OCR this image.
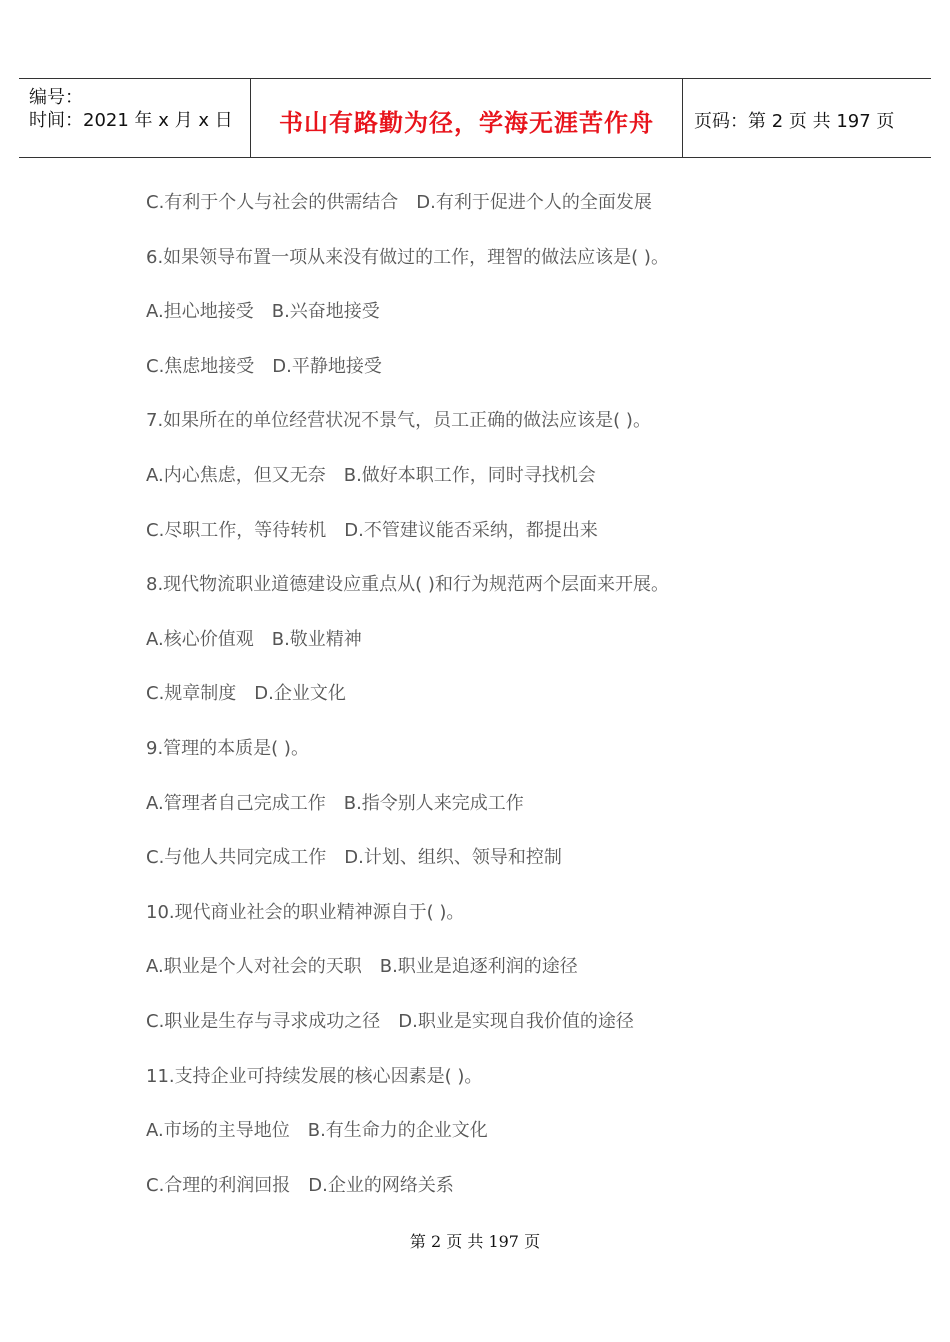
编号：
时间：2021 年 x 月 x 日	书山有路勤为径，学海无涯苦作舟	页码：第 2 页 共 197 页
C.有利于个人与社会的供需结合　D.有利于促进个人的全面发展
6.如果领导布置一项从来没有做过的工作，理智的做法应该是( )。
A.担心地接受　B.兴奋地接受
C.焦虑地接受　D.平静地接受
7.如果所在的单位经营状况不景气，员工正确的做法应该是( )。
A.内心焦虑，但又无奈　B.做好本职工作，同时寻找机会
C.尽职工作，等待转机　D.不管建议能否采纳，都提出来
8.现代物流职业道德建设应重点从( )和行为规范两个层面来开展。
A.核心价值观　B.敬业精神
C.规章制度　D.企业文化
9.管理的本质是( )。
A.管理者自己完成工作　B.指令别人来完成工作
C.与他人共同完成工作　D.计划、组织、领导和控制
10.现代商业社会的职业精神源自于( )。
A.职业是个人对社会的天职　B.职业是追逐利润的途径
C.职业是生存与寻求成功之径　D.职业是实现自我价值的途径
11.支持企业可持续发展的核心因素是( )。
A.市场的主导地位　B.有生命力的企业文化
C.合理的利润回报　D.企业的网络关系
第 2 页 共 197 页
